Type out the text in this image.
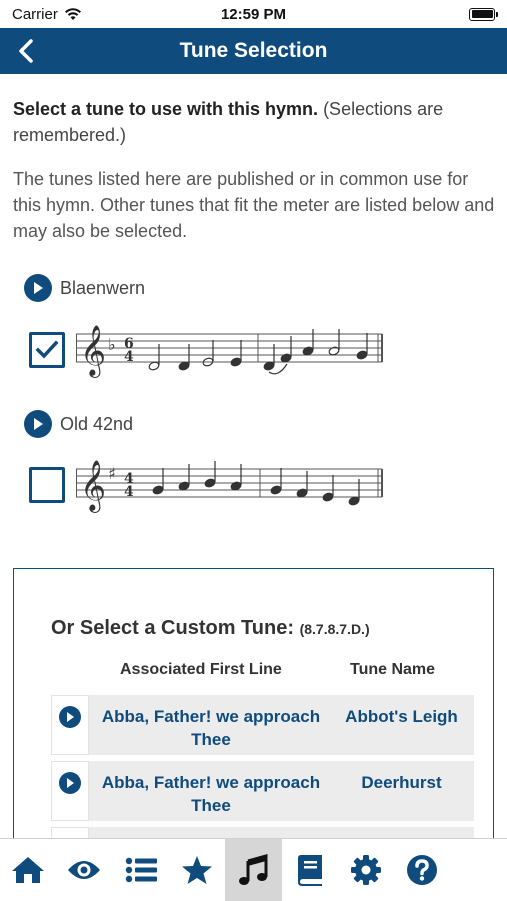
Carrier	12:59 PM
Tune Selection

Select a tune to use with this hymn. (Selections are remembered.)

The tunes listed here are published or in common use for this hymn. Other tunes that fit the meter are listed below and may also be selected.

Blaenwern
𝄞 ♭ 6
4
Old 42nd
𝄞 ♯ 4
4
Or Select a Custom Tune: (8.7.8.7.D.)
Associated First Line	Tune Name
Abba, Father! we approach Thee
Abbot's Leigh
Abba, Father! we approach Thee
Deerhurst
